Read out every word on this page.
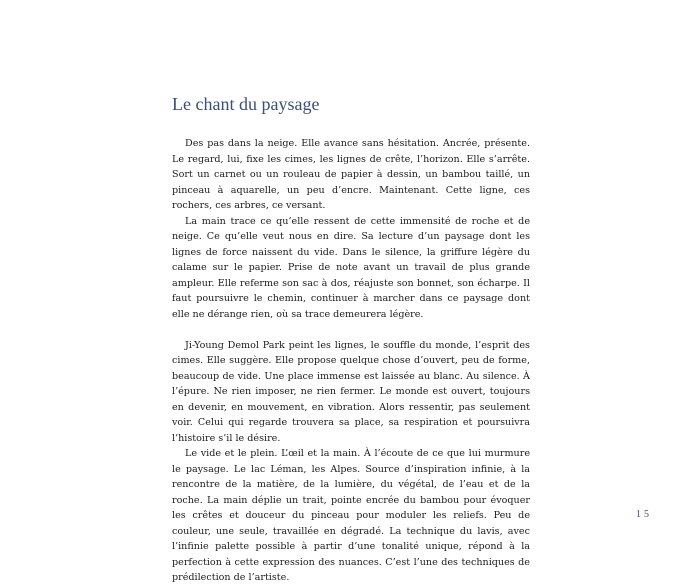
Le chant du paysage

Des pas dans la neige. Elle avance sans hésitation. Ancrée, présente. Le regard, lui, fixe les cimes, les lignes de crête, l’horizon. Elle s’arrête. Sort un carnet ou un rouleau de papier à dessin, un bambou taillé, un pinceau à aquarelle, un peu d’encre. Maintenant. Cette ligne, ces rochers, ces arbres, ce versant.

La main trace ce qu’elle ressent de cette immensité de roche et de neige. Ce qu’elle veut nous en dire. Sa lecture d’un paysage dont les lignes de force naissent du vide. Dans le silence, la griffure légère du calame sur le papier. Prise de note avant un travail de plus grande ampleur. Elle referme son sac à dos, réajuste son bonnet, son écharpe. Il faut poursuivre le chemin, continuer à marcher dans ce paysage dont elle ne dérange rien, où sa trace demeurera légère.

Ji-Young Demol Park peint les lignes, le souffle du monde, l’esprit des cimes. Elle suggère. Elle propose quelque chose d’ouvert, peu de forme, beaucoup de vide. Une place immense est laissée au blanc. Au silence. À l’épure. Ne rien imposer, ne rien fermer. Le monde est ouvert, toujours en devenir, en mouvement, en vibration. Alors ressentir, pas seulement voir. Celui qui regarde trouvera sa place, sa respiration et poursuivra l’histoire s’il le désire.

Le vide et le plein. L’œil et la main. À l’écoute de ce que lui murmure le paysage. Le lac Léman, les Alpes. Source d’inspiration infinie, à la rencontre de la matière, de la lumière, du végétal, de l’eau et de la roche. La main déplie un trait, pointe encrée du bambou pour évoquer les crêtes et douceur du pinceau pour moduler les reliefs. Peu de couleur, une seule, travaillée en dégradé. La technique du lavis, avec l’infinie palette possible à partir d’une tonalité unique, répond à la perfection à cette expression des nuances. C’est l’une des techniques de prédilection de l’artiste.

15
